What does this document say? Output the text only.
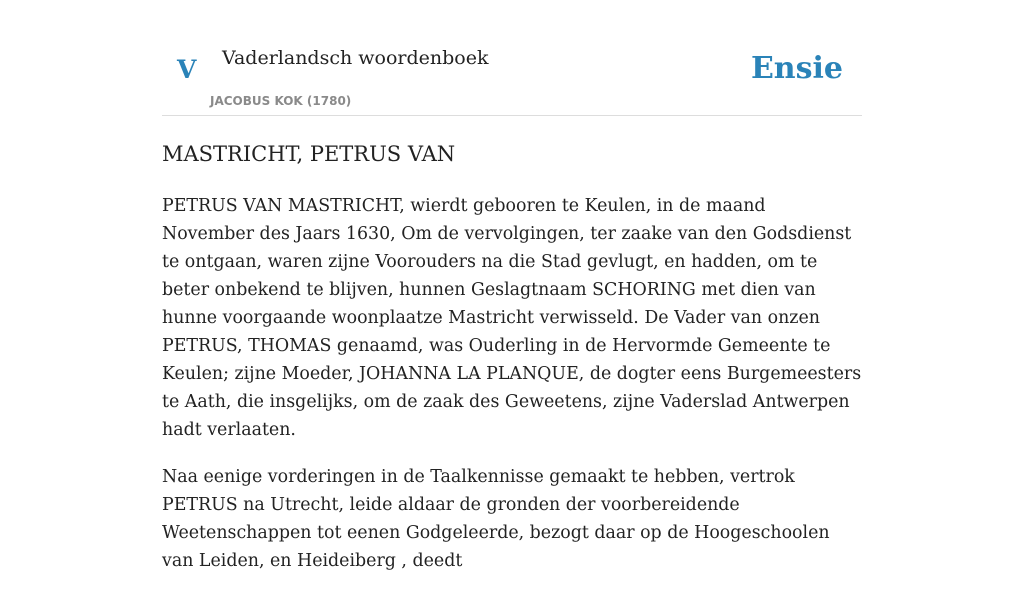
V Vaderlandsch woordenboek
JACOBUS KOK (1780)
Ensie
MASTRICHT, PETRUS VAN

PETRUS VAN MASTRICHT, wierdt gebooren te Keulen, in de maand November des Jaars 1630, Om de vervolgingen, ter zaake van den Godsdienst te ontgaan, waren zijne Voorouders na die Stad gevlugt, en hadden, om te beter onbekend te blijven, hunnen Geslagtnaam SCHORING met dien van hunne voorgaande woonplaatze Mastricht verwisseld. De Vader van onzen PETRUS, THOMAS genaamd, was Ouderling in de Hervormde Gemeente te Keulen; zijne Moeder, JOHANNA LA PLANQUE, de dogter eens Burgemeesters te Aath, die insgelijks, om de zaak des Geweetens, zijne Vaderslad Antwerpen hadt verlaaten.

Naa eenige vorderingen in de Taalkennisse gemaakt te hebben, vertrok PETRUS na Utrecht, leide aldaar de gronden der voorbereidende Weetenschappen tot eenen Godgeleerde, bezogt daar op de Hoogeschoolen van Leiden, en Heideiberg , deedt
